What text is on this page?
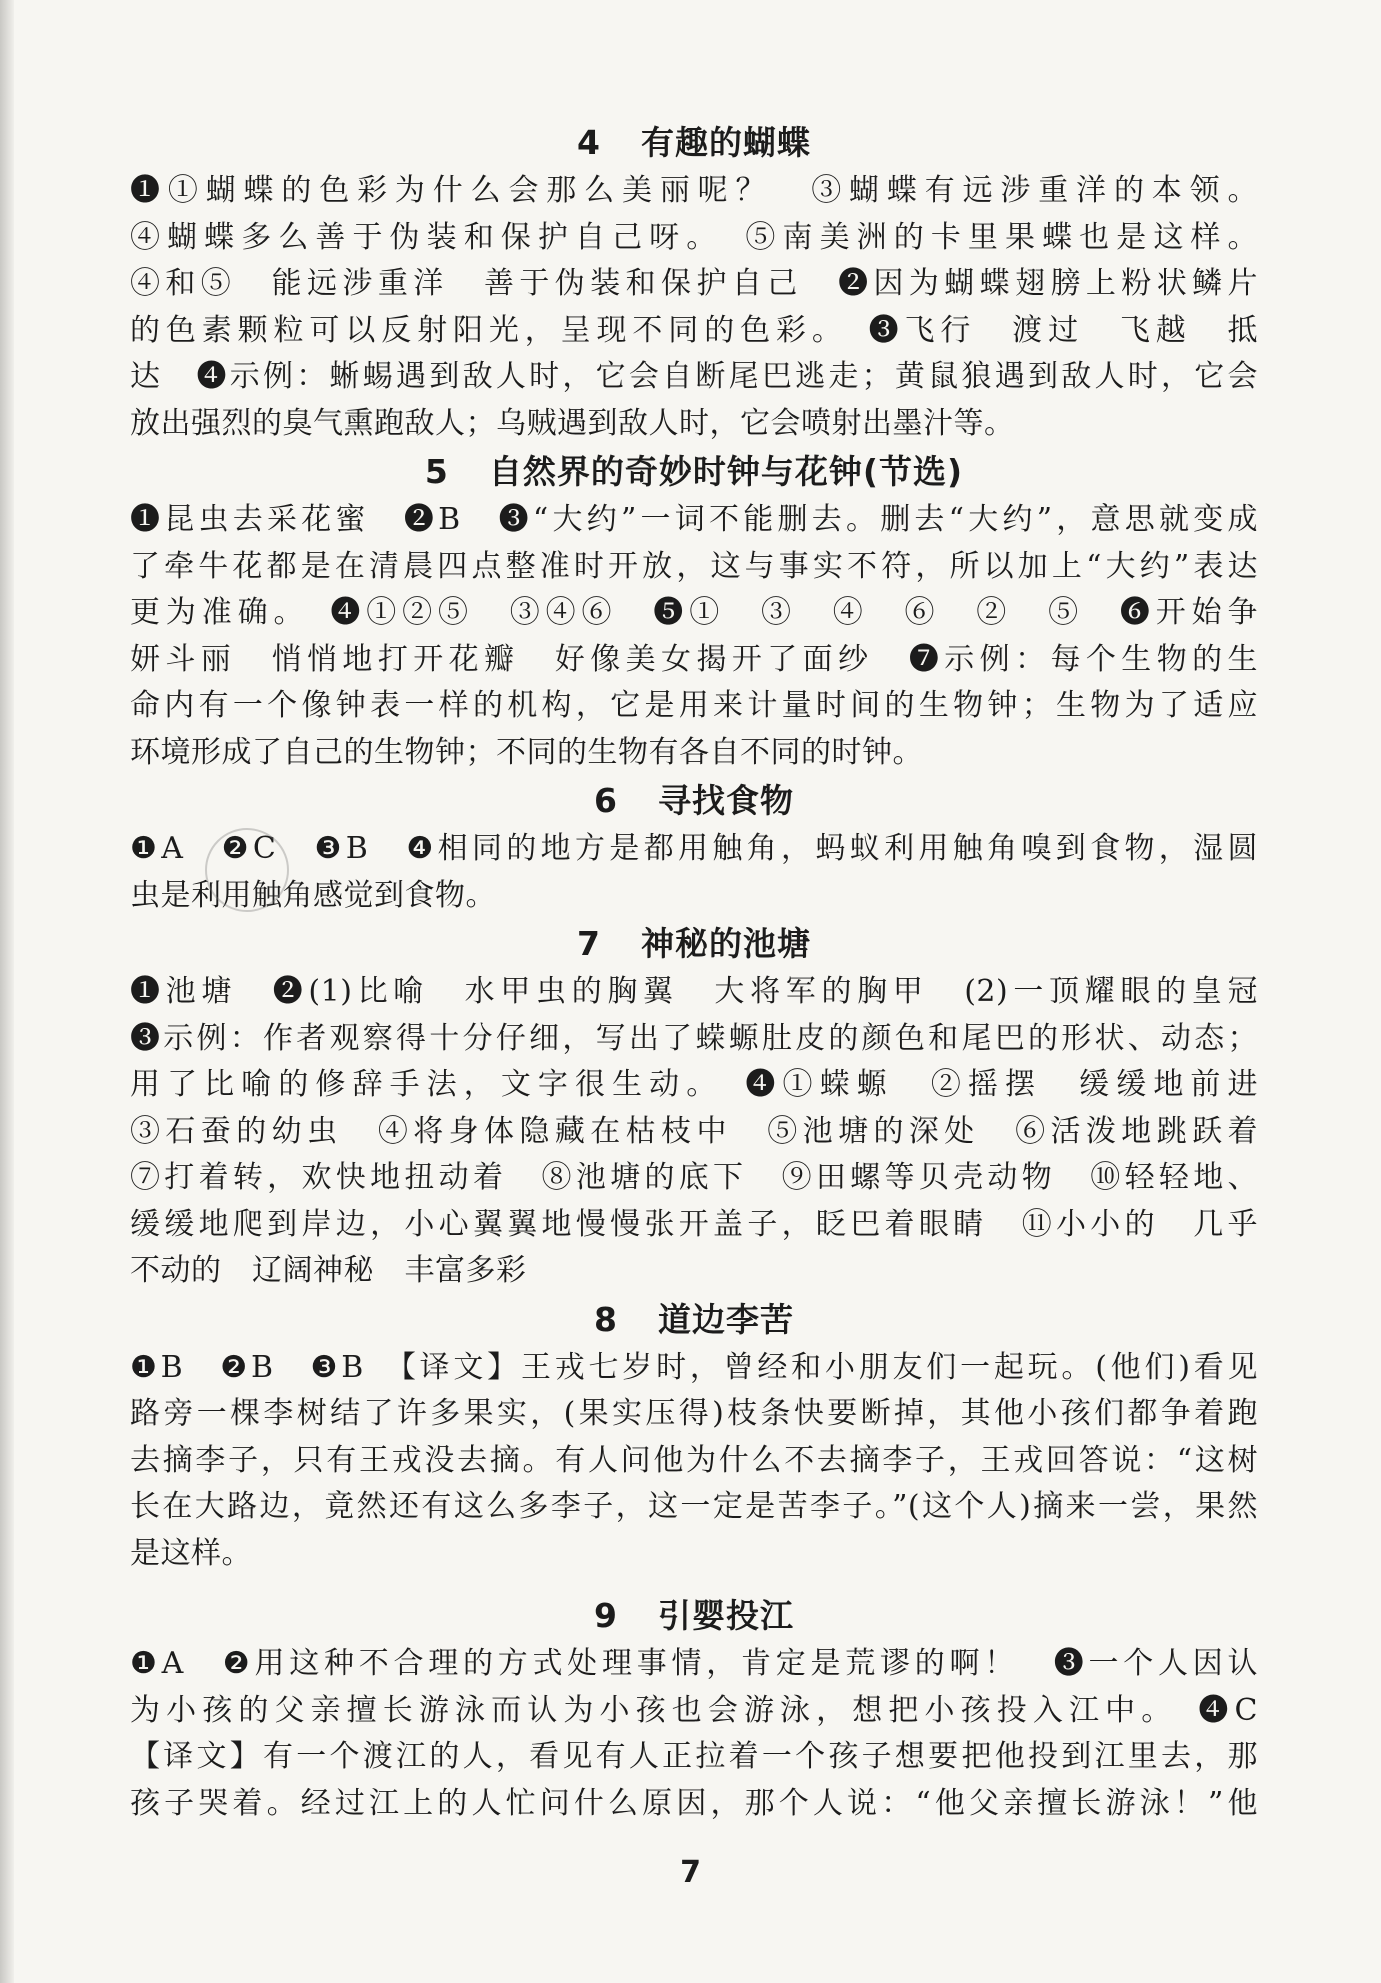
4 有趣的蝴蝶
❶①蝴蝶的色彩为什么会那么美丽呢？　③蝴蝶有远涉重洋的本领。
④蝴蝶多么善于伪装和保护自己呀。　⑤南美洲的卡里果蝶也是这样。
④和⑤　能远涉重洋　善于伪装和保护自己　❷因为蝴蝶翅膀上粉状鳞片
的色素颗粒可以反射阳光，呈现不同的色彩。　❸飞行　渡过　飞越　抵
达　❹示例：蜥蜴遇到敌人时，它会自断尾巴逃走；黄鼠狼遇到敌人时，它会
放出强烈的臭气熏跑敌人；乌贼遇到敌人时，它会喷射出墨汁等。
5 自然界的奇妙时钟与花钟(节选)
❶昆虫去采花蜜　❷B　❸“大约”一词不能删去。删去“大约”，意思就变成
了牵牛花都是在清晨四点整准时开放，这与事实不符，所以加上“大约”表达
更为准确。　❹①②⑤　③④⑥　❺①　③　④　⑥　②　⑤　❻开始争
妍斗丽　悄悄地打开花瓣　好像美女揭开了面纱　❼示例：每个生物的生
命内有一个像钟表一样的机构，它是用来计量时间的生物钟；生物为了适应
环境形成了自己的生物钟；不同的生物有各自不同的时钟。
6 寻找食物
❶A　❷C　❸B　❹相同的地方是都用触角，蚂蚁利用触角嗅到食物，湿圆
虫是利用触角感觉到食物。
7 神秘的池塘
❶池塘　❷(1)比喻　水甲虫的胸翼　大将军的胸甲　(2)一顶耀眼的皇冠
❸示例：作者观察得十分仔细，写出了蝾螈肚皮的颜色和尾巴的形状、动态；
用了比喻的修辞手法，文字很生动。　❹①蝾螈　②摇摆　缓缓地前进
③石蚕的幼虫　④将身体隐藏在枯枝中　⑤池塘的深处　⑥活泼地跳跃着
⑦打着转，欢快地扭动着　⑧池塘的底下　⑨田螺等贝壳动物　⑩轻轻地、
缓缓地爬到岸边，小心翼翼地慢慢张开盖子，眨巴着眼睛　⑪小小的　几乎
不动的　辽阔神秘　丰富多彩
8 道边李苦
❶B　❷B　❸B　【译文】王戎七岁时，曾经和小朋友们一起玩。(他们)看见
路旁一棵李树结了许多果实，(果实压得)枝条快要断掉，其他小孩们都争着跑
去摘李子，只有王戎没去摘。有人问他为什么不去摘李子，王戎回答说：“这树
长在大路边，竟然还有这么多李子，这一定是苦李子。”(这个人)摘来一尝，果然
是这样。
9 引婴投江
❶A　❷用这种不合理的方式处理事情，肯定是荒谬的啊！　❸一个人因认
为小孩的父亲擅长游泳而认为小孩也会游泳，想把小孩投入江中。　❹C
【译文】有一个渡江的人，看见有人正拉着一个孩子想要把他投到江里去，那
孩子哭着。经过江上的人忙问什么原因，那个人说：“他父亲擅长游泳！”他
7
